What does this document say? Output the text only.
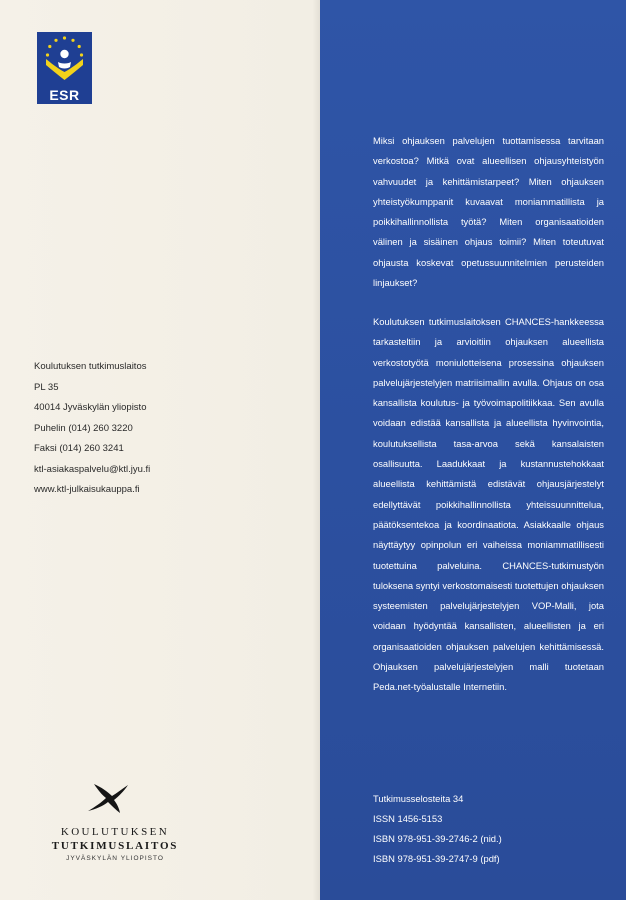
ESR
Koulutuksen tutkimuslaitos
PL 35
40014 Jyväskylän yliopisto
Puhelin (014) 260 3220
Faksi (014) 260 3241
ktl-asiakaspalvelu@ktl.jyu.fi
www.ktl-julkaisukauppa.fi
KOULUTUKSEN
TUTKIMUSLAITOS
JYVÄSKYLÄN YLIOPISTO

Miksi ohjauksen palvelujen tuottamisessa tarvitaan verkostoa? Mitkä ovat alueellisen ohjausyhteistyön vahvuudet ja kehittämistarpeet? Miten ohjauksen yhteistyökumppanit kuvaavat moniammatillista ja poikkihallinnollista työtä? Miten organisaatioiden välinen ja sisäinen ohjaus toimii? Miten toteutuvat ohjausta koskevat opetussuunnitelmien perusteiden linjaukset?

Koulutuksen tutkimuslaitoksen CHANCES-hankkeessa tarkasteltiin ja arvioitiin ohjauksen alueellista verkostotyötä moniulotteisena prosessina ohjauksen palvelujärjestelyjen matriisimallin avulla. Ohjaus on osa kansallista koulutus- ja työvoimapolitiikkaa. Sen avulla voidaan edistää kansallista ja alueellista hyvinvointia, koulutuksellista tasa-arvoa sekä kansalaisten osallisuutta. Laadukkaat ja kustannustehokkaat alueellista kehittämistä edistävät ohjausjärjestelyt edellyttävät poikkihallinnollista yhteissuunnittelua, päätöksentekoa ja koordinaatiota. Asiakkaalle ohjaus näyttäytyy opinpolun eri vaiheissa moniammatillisesti tuotettuina palveluina. CHANCES-tutkimustyön tuloksena syntyi verkostomaisesti tuotettujen ohjauksen systeemisten palvelujärjestelyjen VOP-Malli, jota voidaan hyödyntää kansallisten, alueellisten ja eri organisaatioiden ohjauksen palvelujen kehittämisessä. Ohjauksen palvelujärjestelyjen malli tuotetaan Peda.net-työalustalle Internetiin.

Tutkimusselosteita 34
ISSN 1456-5153
ISBN 978-951-39-2746-2 (nid.)
ISBN 978-951-39-2747-9 (pdf)
